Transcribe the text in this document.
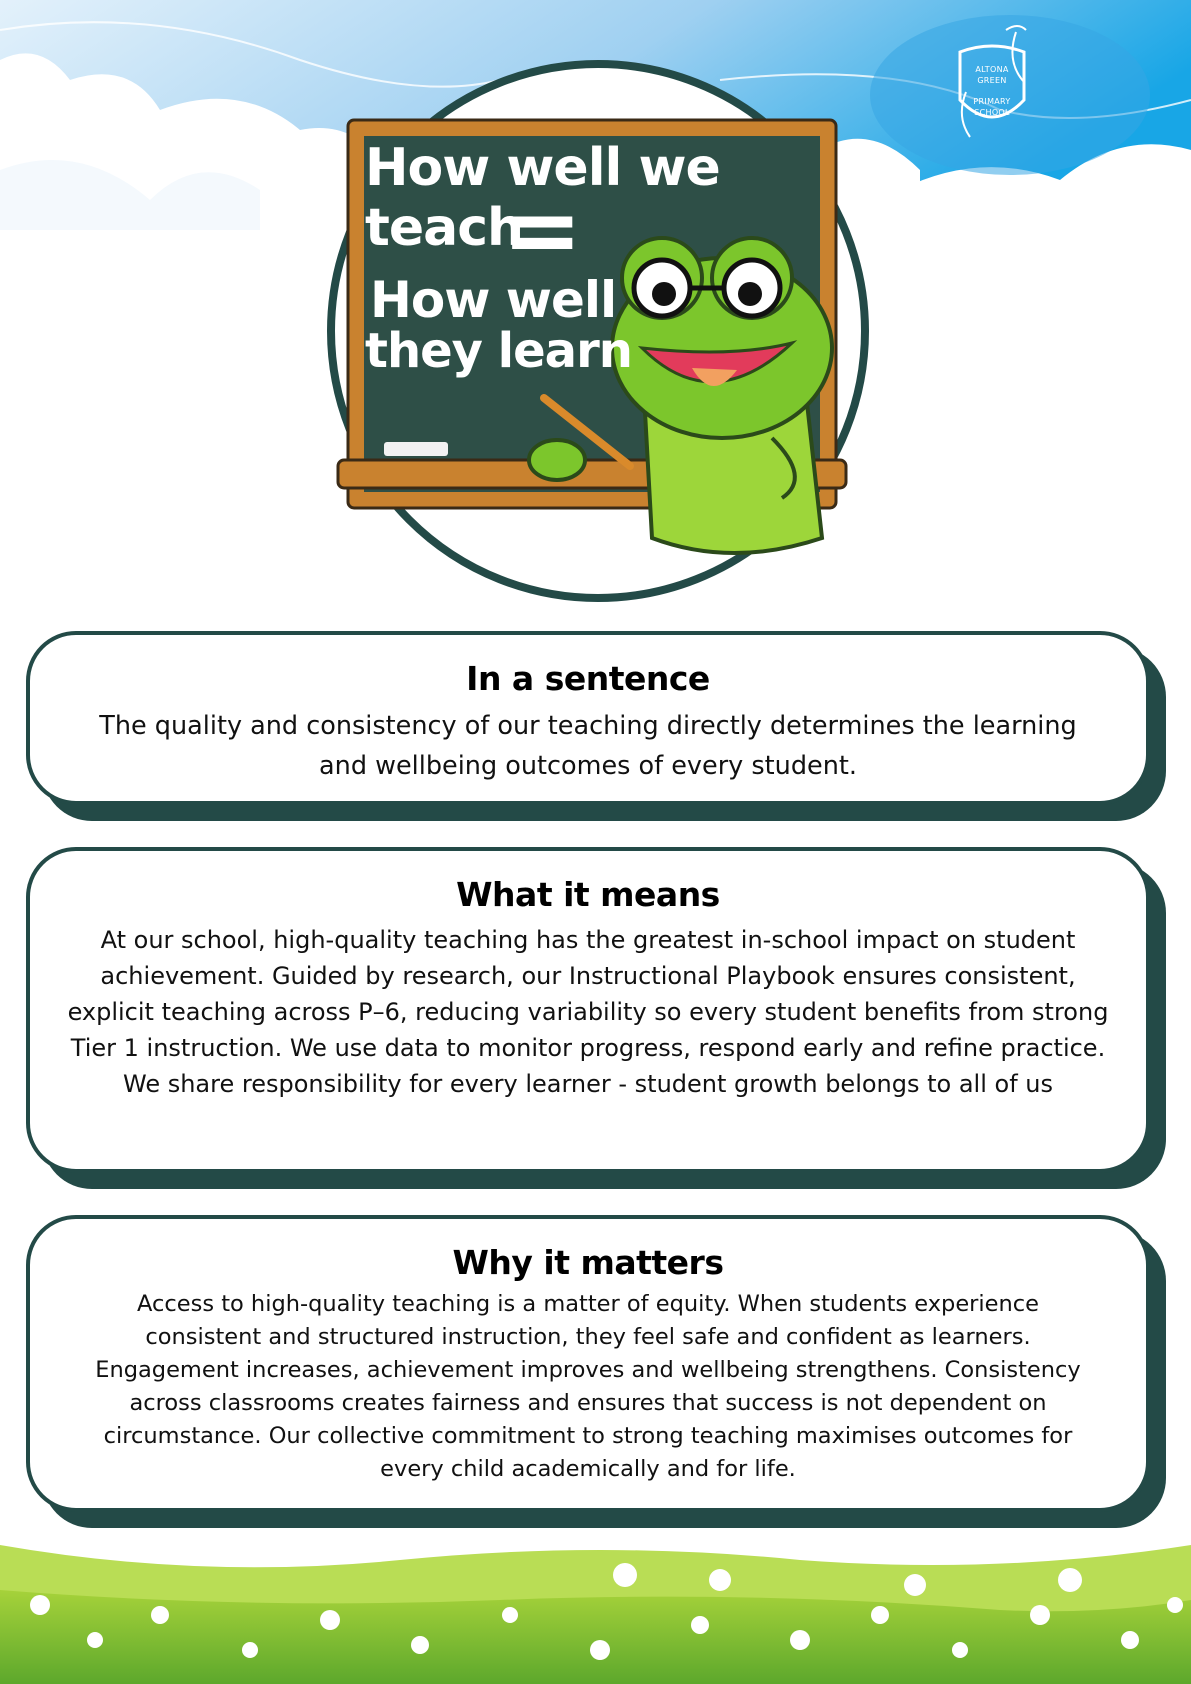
ALTONA
GREEN
PRIMARY
SCHOOL
How well we teach
=
How well
they learn
In a sentence

The quality and consistency of our teaching directly determines the learning and wellbeing outcomes of every student.

What it means

At our school, high-quality teaching has the greatest in-school impact on student achievement. Guided by research, our Instructional Playbook ensures consistent, explicit teaching across P–6, reducing variability so every student benefits from strong Tier 1 instruction. We use data to monitor progress, respond early and refine practice.

We share responsibility for every learner - student growth belongs to all of us

Why it matters

Access to high-quality teaching is a matter of equity. When students experience consistent and structured instruction, they feel safe and confident as learners. Engagement increases, achievement improves and wellbeing strengthens. Consistency across classrooms creates fairness and ensures that success is not dependent on circumstance. Our collective commitment to strong teaching maximises outcomes for every child academically and for life.
